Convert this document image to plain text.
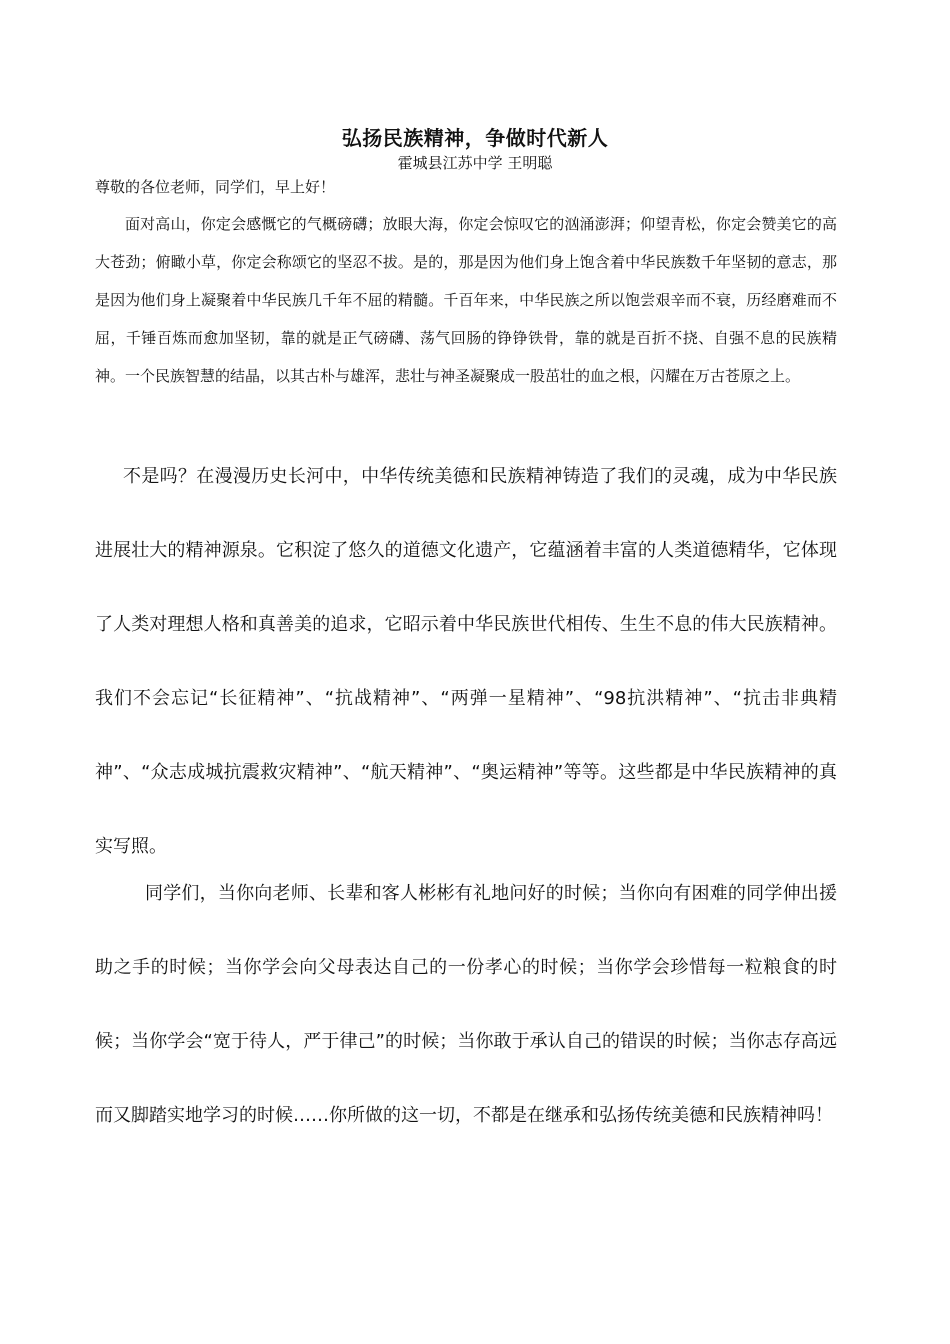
弘扬民族精神，争做时代新人
霍城县江苏中学 王明聪
尊敬的各位老师，同学们，早上好！

面对高山，你定会感慨它的气概磅礴；放眼大海，你定会惊叹它的汹涌澎湃；仰望青松，你定会赞美它的高大苍劲；俯瞰小草，你定会称颂它的坚忍不拔。是的，那是因为他们身上饱含着中华民族数千年坚韧的意志，那是因为他们身上凝聚着中华民族几千年不屈的精髓。千百年来，中华民族之所以饱尝艰辛而不衰，历经磨难而不屈，千锤百炼而愈加坚韧，靠的就是正气磅礴、荡气回肠的铮铮铁骨，靠的就是百折不挠、自强不息的民族精神。一个民族智慧的结晶，以其古朴与雄浑，悲壮与神圣凝聚成一股茁壮的血之根，闪耀在万古苍原之上。

不是吗？在漫漫历史长河中，中华传统美德和民族精神铸造了我们的灵魂，成为中华民族进展壮大的精神源泉。它积淀了悠久的道德文化遗产，它蕴涵着丰富的人类道德精华，它体现了人类对理想人格和真善美的追求，它昭示着中华民族世代相传、生生不息的伟大民族精神。我们不会忘记“长征精神”、“抗战精神”、“两弹一星精神”、“98抗洪精神”、“抗击非典精神”、“众志成城抗震救灾精神”、“航天精神”、“奥运精神”等等。这些都是中华民族精神的真实写照。

同学们，当你向老师、长辈和客人彬彬有礼地问好的时候；当你向有困难的同学伸出援助之手的时候；当你学会向父母表达自己的一份孝心的时候；当你学会珍惜每一粒粮食的时候；当你学会“宽于待人，严于律己”的时候；当你敢于承认自己的错误的时候；当你志存高远而又脚踏实地学习的时候……你所做的这一切，不都是在继承和弘扬传统美德和民族精神吗！
